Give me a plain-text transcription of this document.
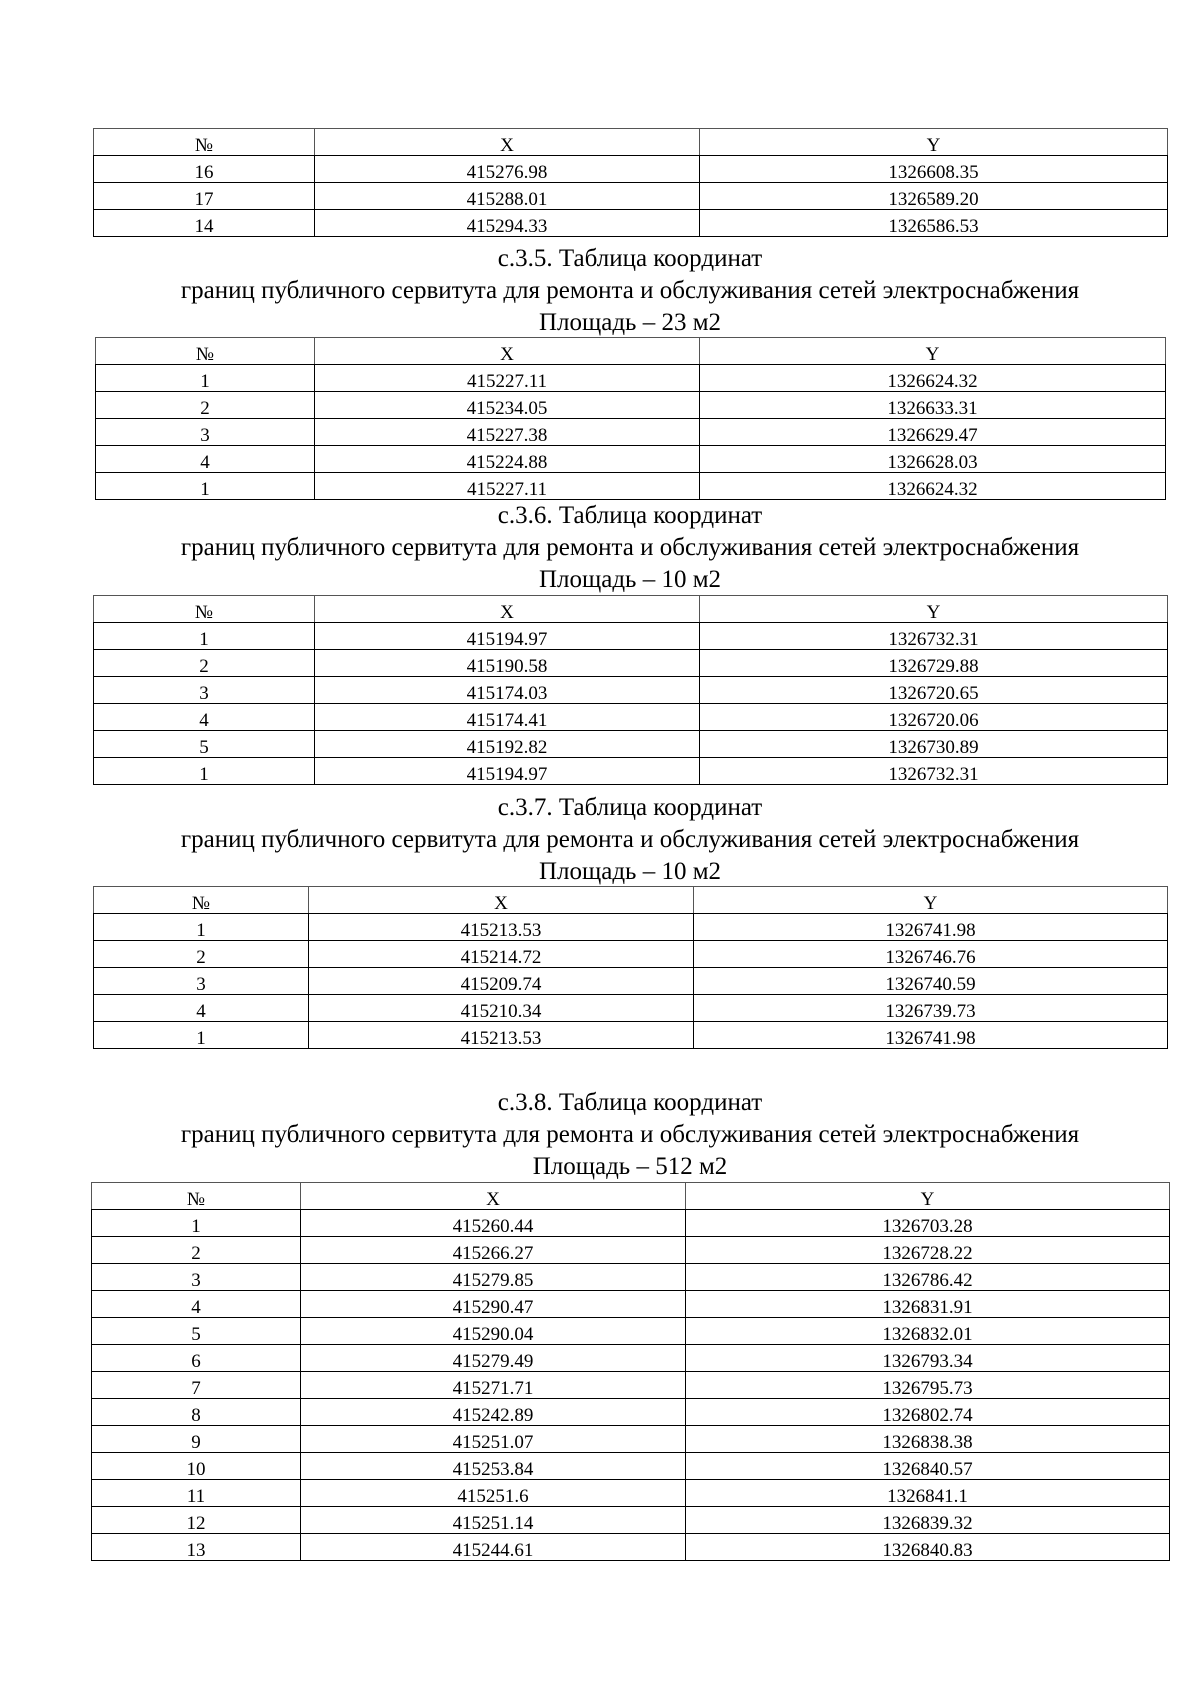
№	X	Y
16	415276.98	1326608.35
17	415288.01	1326589.20
14	415294.33	1326586.53
с.3.5. Таблица координат
границ публичного сервитута для ремонта и обслуживания сетей электроснабжения
Площадь – 23 м2
№	X	Y
1	415227.11	1326624.32
2	415234.05	1326633.31
3	415227.38	1326629.47
4	415224.88	1326628.03
1	415227.11	1326624.32
с.3.6. Таблица координат
границ публичного сервитута для ремонта и обслуживания сетей электроснабжения
Площадь – 10 м2
№	X	Y
1	415194.97	1326732.31
2	415190.58	1326729.88
3	415174.03	1326720.65
4	415174.41	1326720.06
5	415192.82	1326730.89
1	415194.97	1326732.31
с.3.7. Таблица координат
границ публичного сервитута для ремонта и обслуживания сетей электроснабжения
Площадь – 10 м2
№	X	Y
1	415213.53	1326741.98
2	415214.72	1326746.76
3	415209.74	1326740.59
4	415210.34	1326739.73
1	415213.53	1326741.98
с.3.8. Таблица координат
границ публичного сервитута для ремонта и обслуживания сетей электроснабжения
Площадь – 512 м2
№	X	Y
1	415260.44	1326703.28
2	415266.27	1326728.22
3	415279.85	1326786.42
4	415290.47	1326831.91
5	415290.04	1326832.01
6	415279.49	1326793.34
7	415271.71	1326795.73
8	415242.89	1326802.74
9	415251.07	1326838.38
10	415253.84	1326840.57
11	415251.6	1326841.1
12	415251.14	1326839.32
13	415244.61	1326840.83
